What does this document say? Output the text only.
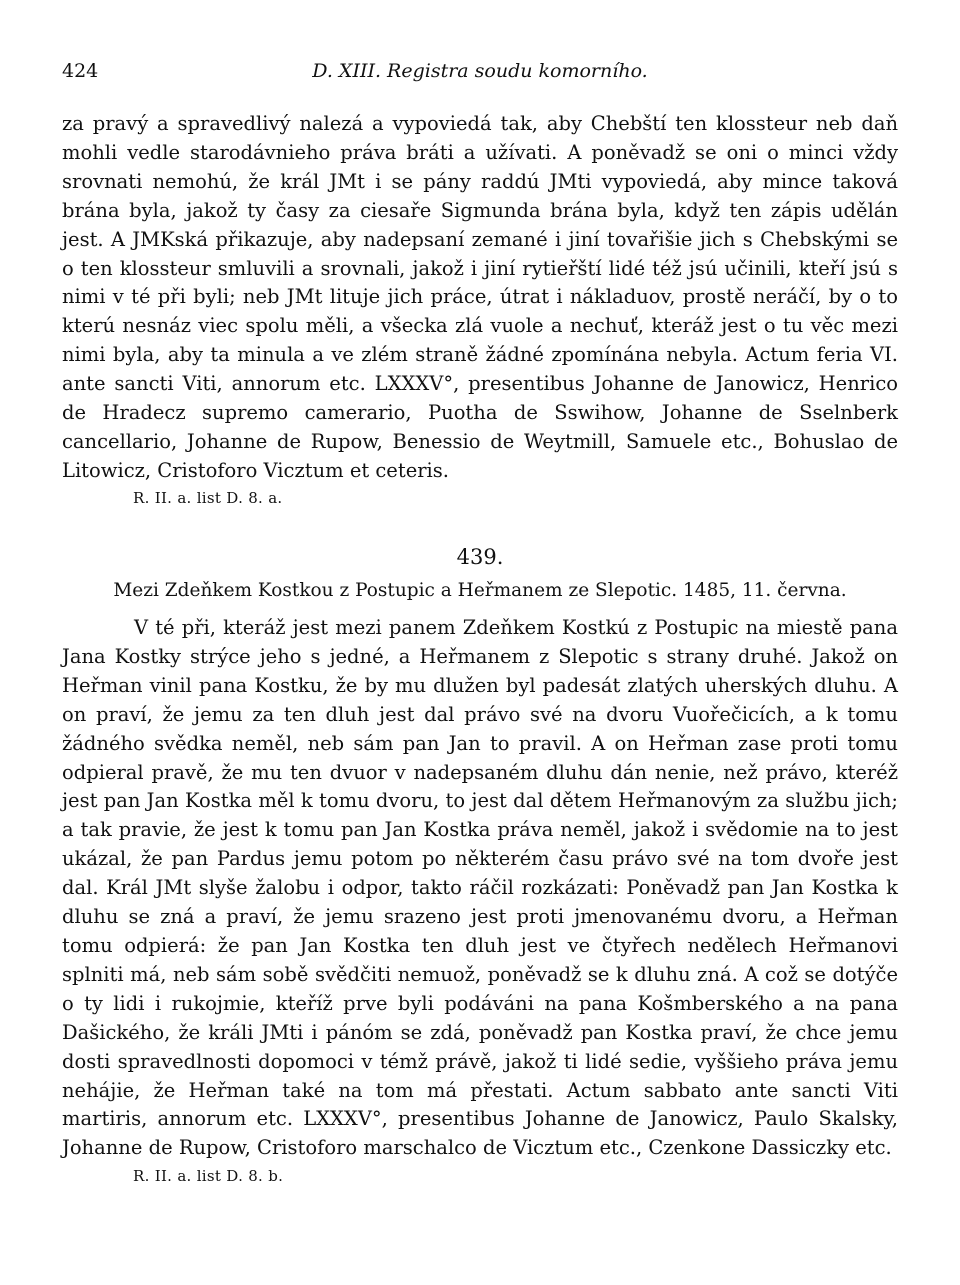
424	D. XIII. Registra soudu komorního.

za pravý a spravedlivý nalezá a vypoviedá tak, aby Chebští ten klossteur neb daň mohli vedle starodávnieho práva bráti a užívati. A poněvadž se oni o minci vždy srovnati nemohú, že král JMt i se pány raddú JMti vypoviedá, aby mince taková brána byla, jakož ty časy za ciesaře Sigmunda brána byla, když ten zápis udělán jest. A JMKská přikazuje, aby nadepsaní zemané i jiní tovařišie jich s Chebskými se o ten klossteur smluvili a srovnali, jakož i jiní rytieřští lidé též jsú učinili, kteří jsú s nimi v té při byli; neb JMt lituje jich práce, útrat i nákladuov, prostě neráčí, by o to kterú nesnáz viec spolu měli, a všecka zlá vuole a nechuť, kteráž jest o tu věc mezi nimi byla, aby ta minula a ve zlém straně žádné zpomínána nebyla. Actum feria VI. ante sancti Viti, annorum etc. LXXXV°, presentibus Johanne de Janowicz, Henrico de Hradecz supremo camerario, Puotha de Sswihow, Johanne de Sselnberk cancellario, Johanne de Rupow, Benessio de Weytmill, Samuele etc., Bohuslao de Litowicz, Cristoforo Vicztum et ceteris.

R. II. a. list D. 8. a.
439.
Mezi Zdeňkem Kostkou z Postupic a Heřmanem ze Slepotic. 1485, 11. června.

V té při, kteráž jest mezi panem Zdeňkem Kostkú z Postupic na miestě pana Jana Kostky strýce jeho s jedné, a Heřmanem z Slepotic s strany druhé. Jakož on Heřman vinil pana Kostku, že by mu dlužen byl padesát zlatých uherských dluhu. A on praví, že jemu za ten dluh jest dal právo své na dvoru Vuořečicích, a k tomu žádného svědka neměl, neb sám pan Jan to pravil. A on Heřman zase proti tomu odpieral pravě, že mu ten dvuor v nadepsaném dluhu dán nenie, než právo, kteréž jest pan Jan Kostka měl k tomu dvoru, to jest dal dětem Heřmanovým za službu jich; a tak pravie, že jest k tomu pan Jan Kostka práva neměl, jakož i svědomie na to jest ukázal, že pan Pardus jemu potom po některém času právo své na tom dvoře jest dal. Král JMt slyše žalobu i odpor, takto ráčil rozkázati: Poněvadž pan Jan Kostka k dluhu se zná a praví, že jemu srazeno jest proti jmenovanému dvoru, a Heřman tomu odpierá: že pan Jan Kostka ten dluh jest ve čtyřech nedělech Heřmanovi splniti má, neb sám sobě svědčiti nemuož, poněvadž se k dluhu zná. A což se dotýče o ty lidi i rukojmie, kteříž prve byli podáváni na pana Košmberského a na pana Dašického, že králi JMti i pánóm se zdá, poněvadž pan Kostka praví, že chce jemu dosti spravedlnosti dopomoci v témž právě, jakož ti lidé sedie, vyššieho práva jemu nehájie, že Heřman také na tom má přestati. Actum sabbato ante sancti Viti martiris, annorum etc. LXXXV°, presentibus Johanne de Janowicz, Paulo Skalsky, Johanne de Rupow, Cristoforo marschalco de Vicztum etc., Czenkone Dassiczky etc.

R. II. a. list D. 8. b.
